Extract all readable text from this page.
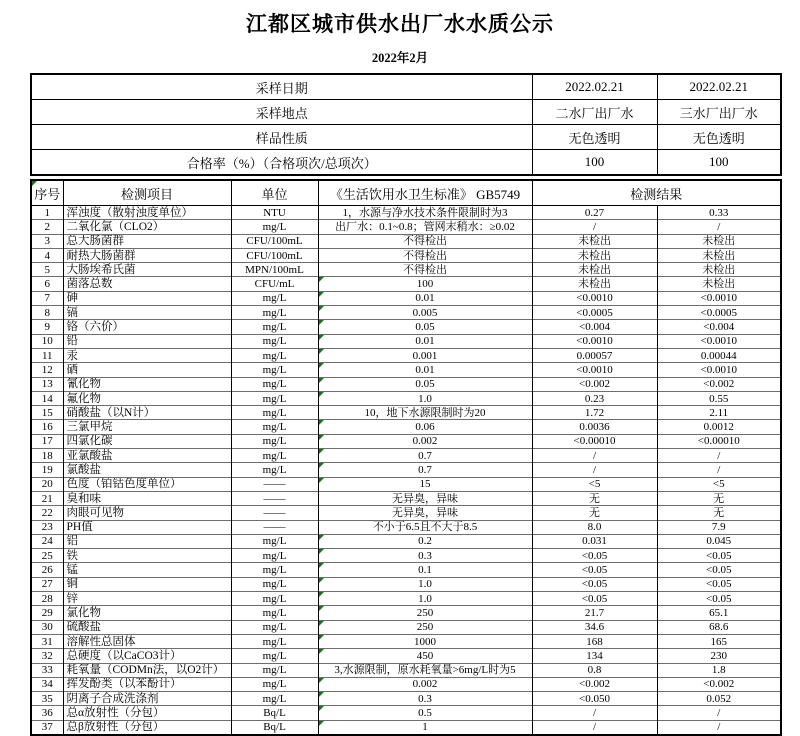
江都区城市供水出厂水水质公示
2022年2月
采样日期	2022.02.21	2022.02.21
采样地点	二水厂出厂水	三水厂出厂水
样品性质	无色透明	无色透明
合格率（%）（合格项次/总项次）	100	100
序号	检测项目	单位	《生活饮用水卫生标准》 GB5749	检测结果	
1	浑浊度（散射浊度单位）	NTU	1，水源与净水技术条件限制时为3	0.27	0.33
2	二氧化氯（CLO2）	mg/L	出厂水：0.1~0.8；管网末稍水：≥0.02	/	/
3	总大肠菌群	CFU/100mL	不得检出	未检出	未检出
4	耐热大肠菌群	CFU/100mL	不得检出	未检出	未检出
5	大肠埃希氏菌	MPN/100mL	不得检出	未检出	未检出
6	菌落总数	CFU/mL	100	未检出	未检出
7	砷	mg/L	0.01	<0.0010	<0.0010
8	镉	mg/L	0.005	<0.0005	<0.0005
9	铬（六价）	mg/L	0.05	<0.004	<0.004
10	铅	mg/L	0.01	<0.0010	<0.0010
11	汞	mg/L	0.001	0.00057	0.00044
12	硒	mg/L	0.01	<0.0010	<0.0010
13	氰化物	mg/L	0.05	<0.002	<0.002
14	氟化物	mg/L	1.0	0.23	0.55
15	硝酸盐（以N计）	mg/L	10，地下水源限制时为20	1.72	2.11
16	三氯甲烷	mg/L	0.06	0.0036	0.0012
17	四氯化碳	mg/L	0.002	<0.00010	<0.00010
18	亚氯酸盐	mg/L	0.7	/	/
19	氯酸盐	mg/L	0.7	/	/
20	色度（铂钴色度单位）	——	15	<5	<5
21	臭和味	——	无异臭，异味	无	无
22	肉眼可见物	——	无异臭，异味	无	无
23	PH值	——	不小于6.5且不大于8.5	8.0	7.9
24	铝	mg/L	0.2	0.031	0.045
25	铁	mg/L	0.3	<0.05	<0.05
26	锰	mg/L	0.1	<0.05	<0.05
27	铜	mg/L	1.0	<0.05	<0.05
28	锌	mg/L	1.0	<0.05	<0.05
29	氯化物	mg/L	250	21.7	65.1
30	硫酸盐	mg/L	250	34.6	68.6
31	溶解性总固体	mg/L	1000	168	165
32	总硬度（以CaCO3计）	mg/L	450	134	230
33	耗氧量（CODMn法，以O2计）	mg/L	3,水源限制，原水耗氧量>6mg/L时为5	0.8	1.8
34	挥发酚类（以苯酚计）	mg/L	0.002	<0.002	<0.002
35	阴离子合成洗涤剂	mg/L	0.3	<0.050	0.052
36	总α放射性（分包）	Bq/L	0.5	/	/
37	总β放射性（分包）	Bq/L	1	/	/
